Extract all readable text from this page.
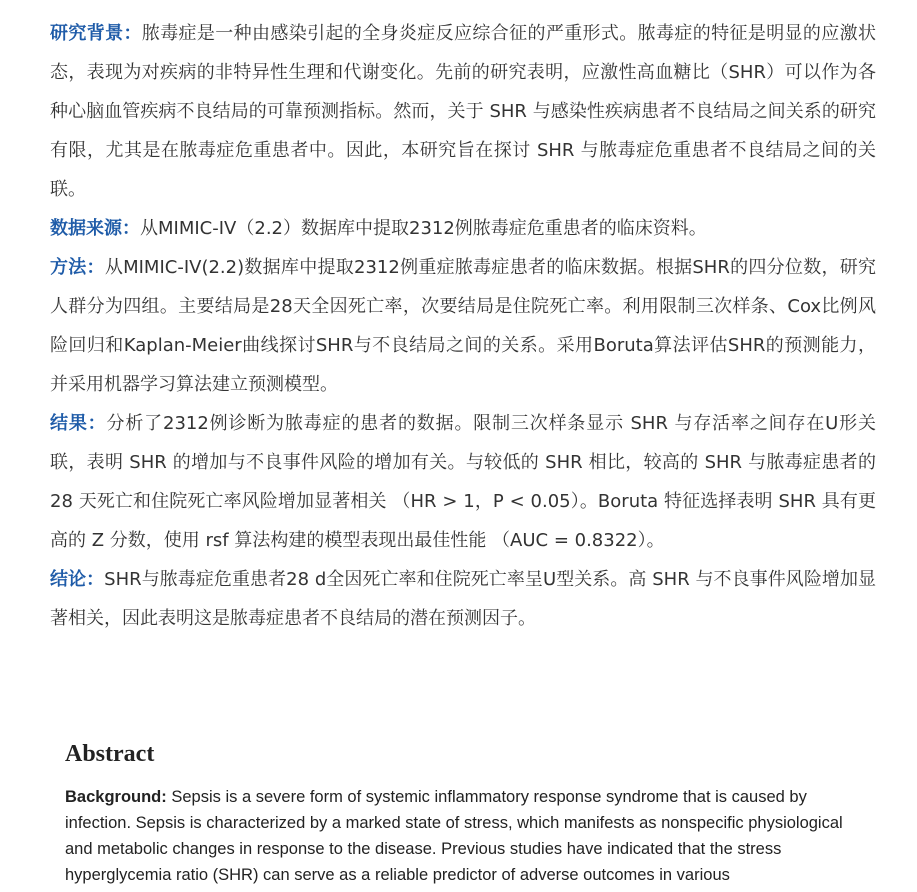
研究背景：脓毒症是一种由感染引起的全身炎症反应综合征的严重形式。脓毒症的特征是明显的应激状态，表现为对疾病的非特异性生理和代谢变化。先前的研究表明，应激性高血糖比（SHR）可以作为各种心脑血管疾病不良结局的可靠预测指标。然而，关于 SHR 与感染性疾病患者不良结局之间关系的研究有限，尤其是在脓毒症危重患者中。因此，本研究旨在探讨 SHR 与脓毒症危重患者不良结局之间的关联。

数据来源：从MIMIC-IV（2.2）数据库中提取2312例脓毒症危重患者的临床资料。

方法：从MIMIC-IV(2.2)数据库中提取2312例重症脓毒症患者的临床数据。根据SHR的四分位数，研究人群分为四组。主要结局是28天全因死亡率，次要结局是住院死亡率。利用限制三次样条、Cox比例风险回归和Kaplan-Meier曲线探讨SHR与不良结局之间的关系。采用Boruta算法评估SHR的预测能力，并采用机器学习算法建立预测模型。

结果：分析了2312例诊断为脓毒症的患者的数据。限制三次样条显示 SHR 与存活率之间存在U形关联，表明 SHR 的增加与不良事件风险的增加有关。与较低的 SHR 相比，较高的 SHR 与脓毒症患者的 28 天死亡和住院死亡率风险增加显著相关 （HR > 1，P < 0.05）。Boruta 特征选择表明 SHR 具有更高的 Z 分数，使用 rsf 算法构建的模型表现出最佳性能 （AUC = 0.8322）。

结论：SHR与脓毒症危重患者28 d全因死亡率和住院死亡率呈U型关系。高 SHR 与不良事件风险增加显著相关，因此表明这是脓毒症患者不良结局的潜在预测因子。

Abstract

Background: Sepsis is a severe form of systemic inflammatory response syndrome that is caused by infection. Sepsis is characterized by a marked state of stress, which manifests as nonspecific physiological and metabolic changes in response to the disease. Previous studies have indicated that the stress hyperglycemia ratio (SHR) can serve as a reliable predictor of adverse outcomes in various
